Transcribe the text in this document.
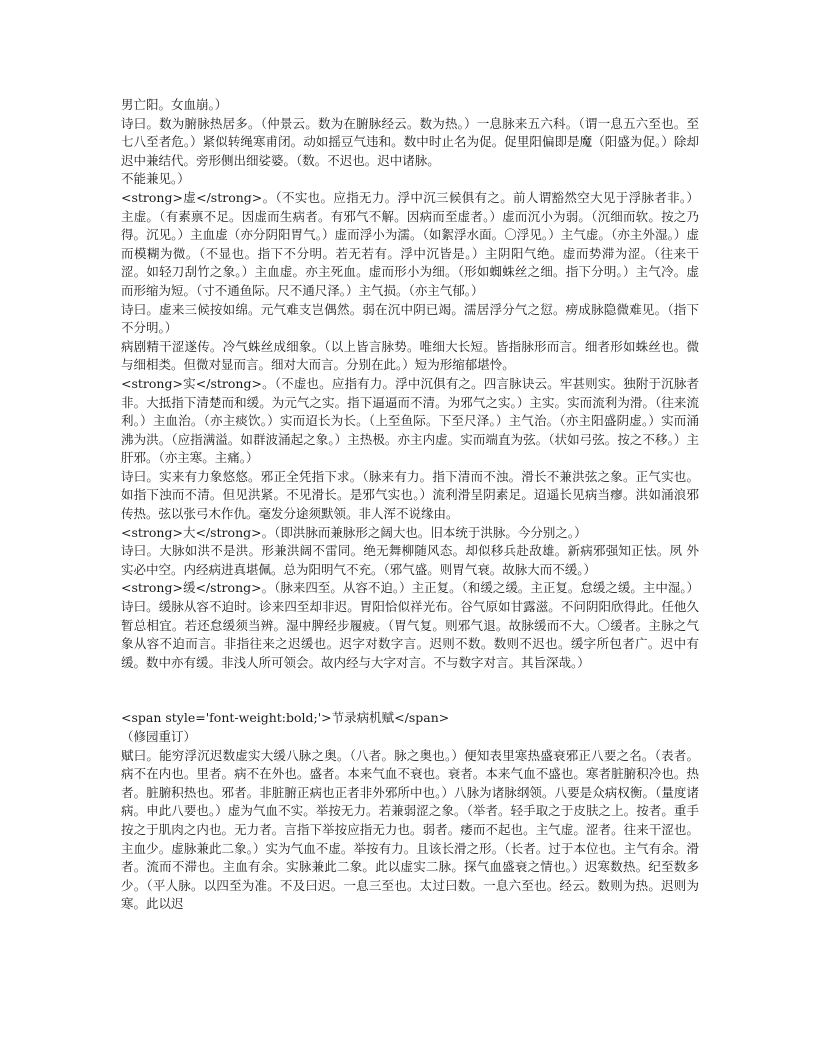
男亡阳。女血崩。）

诗曰。数为腑脉热居多。（仲景云。数为在腑脉经云。数为热。）一息脉来五六科。（谓一息五六至也。至七八至者危。）紧似转绳寒甫闭。动如摇豆气违和。数中时止名为促。促里阳偏即是魔（阳盛为促。）除却迟中兼结代。旁形侧出细娑婆。（数。不迟也。迟中诸脉。

不能兼见。）

<strong>虚</strong>。（不实也。应指无力。浮中沉三候俱有之。前人谓豁然空大见于浮脉者非。）主虚。（有素禀不足。因虚而生病者。有邪气不解。因病而至虚者。）虚而沉小为弱。（沉细而软。按之乃得。沉见。）主血虚（亦分阴阳胃气。）虚而浮小为濡。（如絮浮水面。〇浮见。）主气虚。（亦主外湿。）虚而模糊为微。（不显也。指下不分明。若无若有。浮中沉皆是。）主阴阳气绝。虚而势滞为涩。（往来干涩。如轻刀刮竹之象。）主血虚。亦主死血。虚而形小为细。（形如蜘蛛丝之细。指下分明。）主气冷。虚而形缩为短。（寸不通鱼际。尺不通尺泽。）主气损。（亦主气郁。）

诗曰。虚来三候按如绵。元气难支岂偶然。弱在沉中阴已竭。濡居浮分气之愆。痨成脉隐微难见。（指下不分明。）

病剧精干涩遂传。冷气蛛丝成细象。（以上皆言脉势。唯细大长短。皆指脉形而言。细者形如蛛丝也。微与细相类。但微对显而言。细对大而言。分别在此。）短为形缩郁堪怜。

<strong>实</strong>。（不虚也。应指有力。浮中沉俱有之。四言脉诀云。牢甚则实。独附于沉脉者非。大抵指下清楚而和缓。为元气之实。指下逼逼而不清。为邪气之实。）主实。实而流利为滑。（往来流利。）主血治。（亦主痰饮。）实而迢长为长。（上至鱼际。下至尺泽。）主气治。（亦主阳盛阴虚。）实而涌沸为洪。（应指满溢。如群波涌起之象。）主热极。亦主内虚。实而端直为弦。（状如弓弦。按之不移。）主肝邪。（亦主寒。主痛。）

诗曰。实来有力象悠悠。邪正全凭指下求。（脉来有力。指下清而不浊。滑长不兼洪弦之象。正气实也。如指下浊而不清。但见洪紧。不见滑长。是邪气实也。）流利滑呈阴素足。迢遥长见病当瘳。洪如涌浪邪传热。弦以张弓木作仇。毫发分途须默领。非人浑不说缘由。

<strong>大</strong>。（即洪脉而兼脉形之阔大也。旧本统于洪脉。今分别之。）

诗曰。大脉如洪不是洪。形兼洪阔不雷同。绝无舞柳随风态。却似移兵赴敌雄。新病邪强知正怯。夙 外实必中空。内经病进真堪佩。总为阳明气不充。（邪气盛。则胃气衰。故脉大而不缓。）

<strong>缓</strong>。（脉来四至。从容不迫。）主正复。（和缓之缓。主正复。怠缓之缓。主中湿。）

诗曰。缓脉从容不迫时。诊来四至却非迟。胃阳恰似祥光布。谷气原如甘露滋。不问阴阳欣得此。任他久暂总相宜。若还怠缓须当辨。湿中脾经步履疲。（胃气复。则邪气退。故脉缓而不大。〇缓者。主脉之气象从容不迫而言。非指往来之迟缓也。迟字对数字言。迟则不数。数则不迟也。缓字所包者广。迟中有缓。数中亦有缓。非浅人所可领会。故内经与大字对言。不与数字对言。其旨深哉。）

<span style='font-weight:bold;'>节录病机赋</span>

（修园重订）

赋曰。能穷浮沉迟数虚实大缓八脉之奥。（八者。脉之奥也。）便知表里寒热盛衰邪正八要之名。（表者。病不在内也。里者。病不在外也。盛者。本来气血不衰也。衰者。本来气血不盛也。寒者脏腑积冷也。热者。脏腑积热也。邪者。非脏腑正病也正者非外邪所中也。）八脉为诸脉纲领。八要是众病权衡。（量度诸病。申此八要也。）虚为气血不实。举按无力。若兼弱涩之象。（举者。轻手取之于皮肤之上。按者。重手按之于肌肉之内也。无力者。言指下举按应指无力也。弱者。痿而不起也。主气虚。涩者。往来干涩也。主血少。虚脉兼此二象。）实为气血不虚。举按有力。且该长滑之形。（长者。过于本位也。主气有余。滑者。流而不滞也。主血有余。实脉兼此二象。此以虚实二脉。探气血盛衰之情也。）迟寒数热。纪至数多少。（平人脉。以四至为准。不及曰迟。一息三至也。太过曰数。一息六至也。经云。数则为热。迟则为寒。此以迟
